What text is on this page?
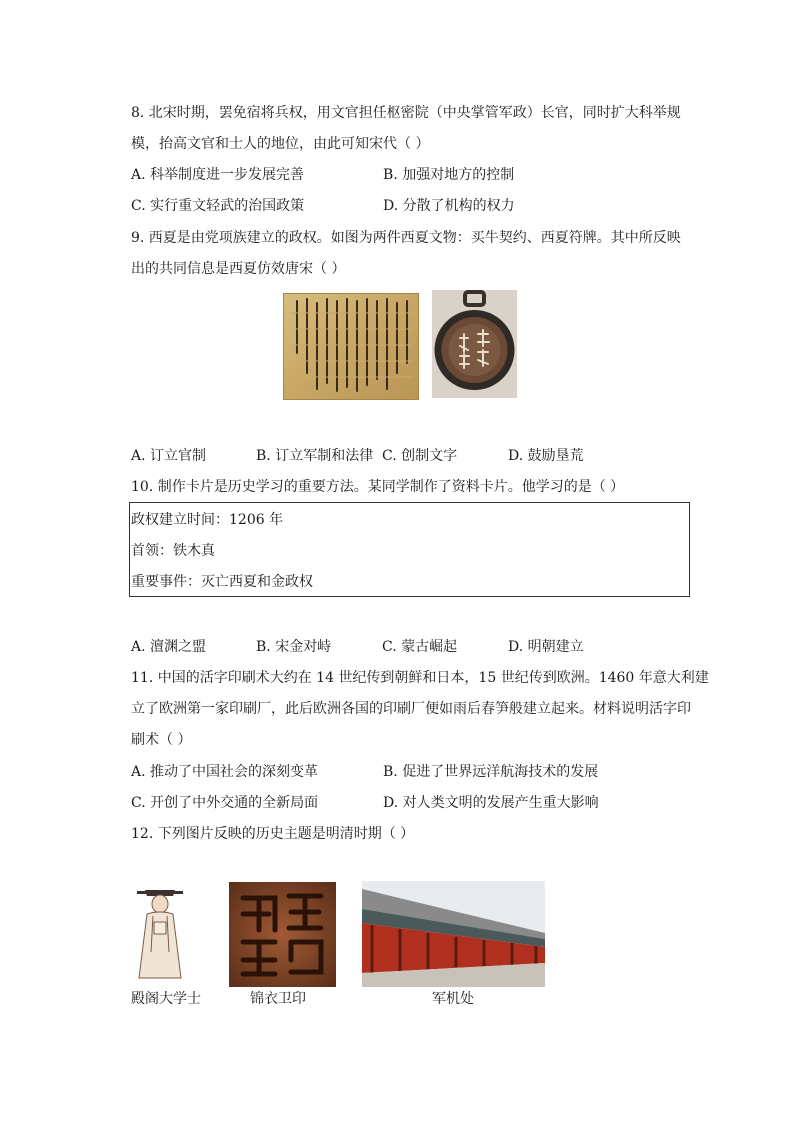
8. 北宋时期，罢免宿将兵权，用文官担任枢密院（中央掌管军政）长官，同时扩大科举规
模，抬高文官和士人的地位，由此可知宋代（ ）
A. 科举制度进一步发展完善	B. 加强对地方的控制
C. 实行重文轻武的治国政策	D. 分散了机构的权力
9. 西夏是由党项族建立的政权。如图为两件西夏文物：买牛契约、西夏符牌。其中所反映
出的共同信息是西夏仿效唐宋（ ）
A. 订立官制	B. 订立军制和法律 C. 创制文字	D. 鼓励垦荒
10. 制作卡片是历史学习的重要方法。某同学制作了资料卡片。他学习的是（ ）
政权建立时间：1206 年
首领：铁木真
重要事件：灭亡西夏和金政权
A. 澶渊之盟	B. 宋金对峙	C. 蒙古崛起	D. 明朝建立
11. 中国的活字印刷术大约在 14 世纪传到朝鲜和日本，15 世纪传到欧洲。1460 年意大利建
立了欧洲第一家印刷厂，此后欧洲各国的印刷厂便如雨后春笋般建立起来。材料说明活字印
刷术（ ）
A. 推动了中国社会的深刻变革	B. 促进了世界远洋航海技术的发展
C. 开创了中外交通的全新局面	D. 对人类文明的发展产生重大影响
12. 下列图片反映的历史主题是明清时期（ ）
殿阁大学士	锦衣卫印	军机处
